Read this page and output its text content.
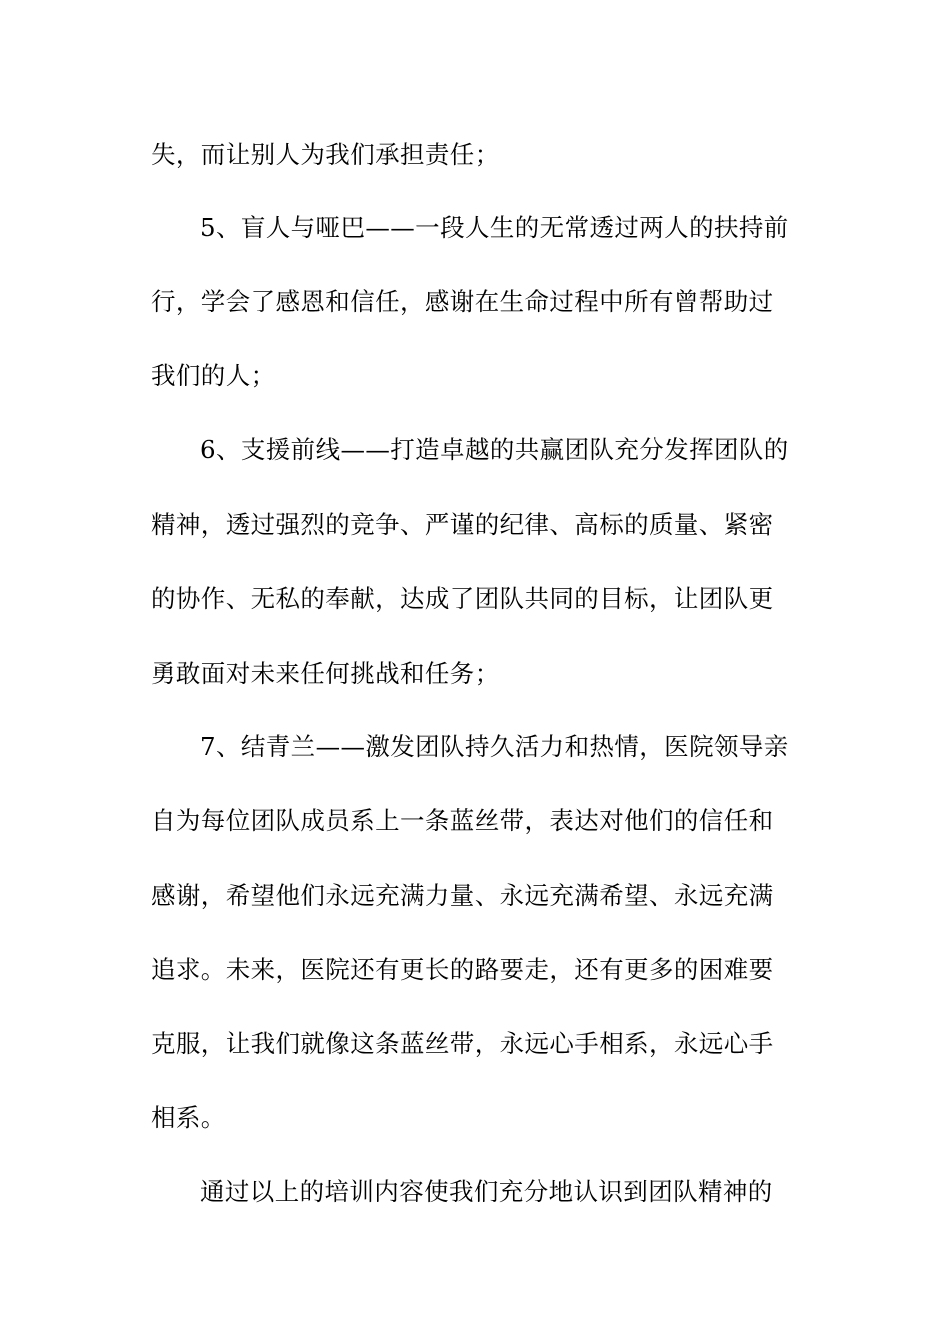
失，而让别人为我们承担责任；
5、盲人与哑巴——一段人生的无常透过两人的扶持前
行，学会了感恩和信任，感谢在生命过程中所有曾帮助过
我们的人；
6、支援前线——打造卓越的共赢团队充分发挥团队的
精神，透过强烈的竞争、严谨的纪律、高标的质量、紧密
的协作、无私的奉献，达成了团队共同的目标，让团队更
勇敢面对未来任何挑战和任务；
7、结青兰——激发团队持久活力和热情，医院领导亲
自为每位团队成员系上一条蓝丝带，表达对他们的信任和
感谢，希望他们永远充满力量、永远充满希望、永远充满
追求。未来，医院还有更长的路要走，还有更多的困难要
克服，让我们就像这条蓝丝带，永远心手相系，永远心手
相系。
通过以上的培训内容使我们充分地认识到团队精神的
